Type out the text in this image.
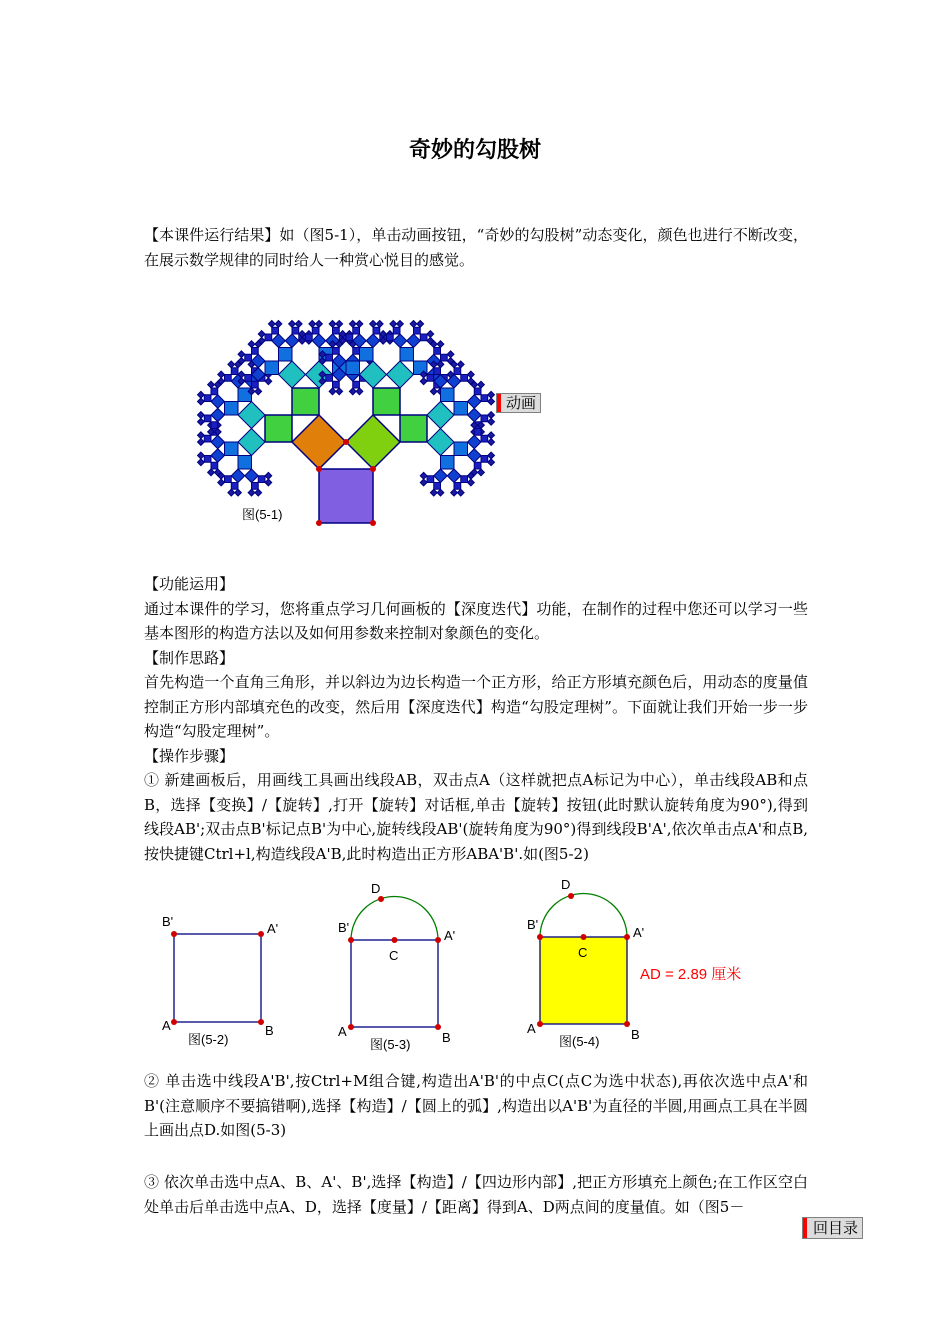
奇妙的勾股树
【本课件运行结果】如（图5-1），单击动画按钮，“奇妙的勾股树”动态变化，颜色也进行不断改变，在展示数学规律的同时给人一种赏心悦目的感觉。
图(5-1)
动画
【功能运用】
通过本课件的学习，您将重点学习几何画板的【深度迭代】功能，在制作的过程中您还可以学习一些基本图形的构造方法以及如何用参数来控制对象颜色的变化。
【制作思路】
首先构造一个直角三角形，并以斜边为边长构造一个正方形，给正方形填充颜色后，用动态的度量值控制正方形内部填充色的改变，然后用【深度迭代】构造“勾股定理树”。下面就让我们开始一步一步构造“勾股定理树”。
【操作步骤】
① 新建画板后，用画线工具画出线段AB，双击点A（这样就把点A标记为中心），单击线段AB和点B，选择【变换】/【旋转】,打开【旋转】对话框,单击【旋转】按钮(此时默认旋转角度为90°),得到线段AB';双击点B'标记点B'为中心,旋转线段AB'(旋转角度为90°)得到线段B'A',依次单击点A'和点B,按快捷键Ctrl+l,构造线段A'B,此时构造出正方形ABA'B'.如(图5-2)
B'	A'
A	B
图(5-2)
D
B'
A'
C
A	B
图(5-3)
D
B'
A'
C
A	B
图(5-4)
AD = 2.89 厘米
② 单击选中线段A'B',按Ctrl+M组合键,构造出A'B'的中点C(点C为选中状态),再依次选中点A'和B'(注意顺序不要搞错啊),选择【构造】/【圆上的弧】,构造出以A'B'为直径的半圆,用画点工具在半圆上画出点D.如图(5-3)
③ 依次单击选中点A、B、A'、B',选择【构造】/【四边形内部】,把正方形填充上颜色;在工作区空白处单击后单击选中点A、D，选择【度量】/【距离】得到A、D两点间的度量值。如（图5－
回目录
